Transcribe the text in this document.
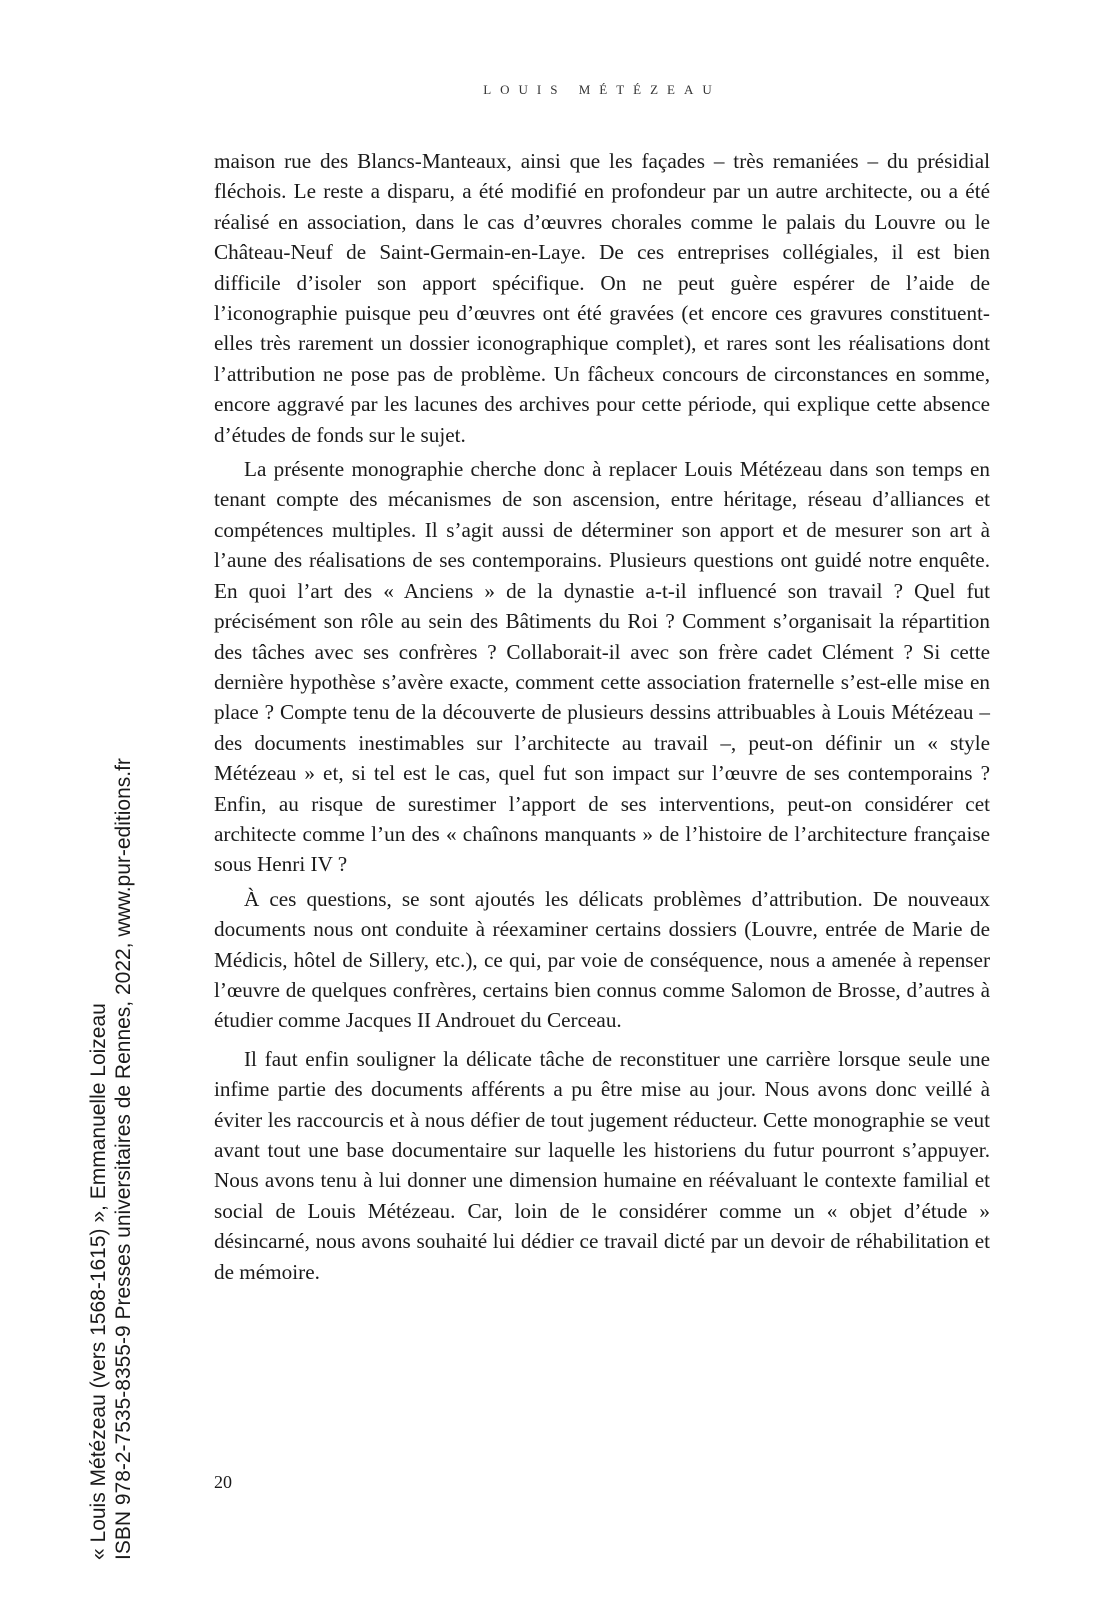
LOUIS MÉTÉZEAU

maison rue des Blancs-Manteaux, ainsi que les façades – très remaniées – du présidial fléchois. Le reste a disparu, a été modifié en profondeur par un autre architecte, ou a été réalisé en association, dans le cas d’œuvres chorales comme le palais du Louvre ou le Château-Neuf de Saint-Germain-en-Laye. De ces entreprises collégiales, il est bien difficile d’isoler son apport spécifique. On ne peut guère espérer de l’aide de l’iconographie puisque peu d’œuvres ont été gravées (et encore ces gravures constituent-elles très rarement un dossier iconographique complet), et rares sont les réalisations dont l’attribution ne pose pas de problème. Un fâcheux concours de circonstances en somme, encore aggravé par les lacunes des archives pour cette période, qui explique cette absence d’études de fonds sur le sujet.

La présente monographie cherche donc à replacer Louis Métézeau dans son temps en tenant compte des mécanismes de son ascension, entre héritage, réseau d’alliances et compétences multiples. Il s’agit aussi de déterminer son apport et de mesurer son art à l’aune des réalisations de ses contemporains. Plusieurs questions ont guidé notre enquête. En quoi l’art des « Anciens » de la dynastie a-t-il influencé son travail ? Quel fut précisément son rôle au sein des Bâtiments du Roi ? Comment s’organisait la répartition des tâches avec ses confrères ? Collaborait-il avec son frère cadet Clément ? Si cette dernière hypothèse s’avère exacte, comment cette association fraternelle s’est-elle mise en place ? Compte tenu de la découverte de plusieurs dessins attribuables à Louis Métézeau – des documents inestimables sur l’architecte au travail –, peut-on définir un « style Métézeau » et, si tel est le cas, quel fut son impact sur l’œuvre de ses contemporains ? Enfin, au risque de surestimer l’apport de ses interventions, peut-on considérer cet architecte comme l’un des « chaînons manquants » de l’histoire de l’architecture française sous Henri IV ?

À ces questions, se sont ajoutés les délicats problèmes d’attribution. De nouveaux documents nous ont conduite à réexaminer certains dossiers (Louvre, entrée de Marie de Médicis, hôtel de Sillery, etc.), ce qui, par voie de conséquence, nous a amenée à repenser l’œuvre de quelques confrères, certains bien connus comme Salomon de Brosse, d’autres à étudier comme Jacques II Androuet du Cerceau.

Il faut enfin souligner la délicate tâche de reconstituer une carrière lorsque seule une infime partie des documents afférents a pu être mise au jour. Nous avons donc veillé à éviter les raccourcis et à nous défier de tout jugement réducteur. Cette monographie se veut avant tout une base documentaire sur laquelle les historiens du futur pourront s’appuyer. Nous avons tenu à lui donner une dimension humaine en réévaluant le contexte familial et social de Louis Métézeau. Car, loin de le considérer comme un « objet d’étude » désincarné, nous avons souhaité lui dédier ce travail dicté par un devoir de réhabilitation et de mémoire.

20
« Louis Métézeau (vers 1568-1615) », Emmanuelle Loizeau ISBN 978-2-7535-8355-9 Presses universitaires de Rennes, 2022, www.pur-editions.fr
